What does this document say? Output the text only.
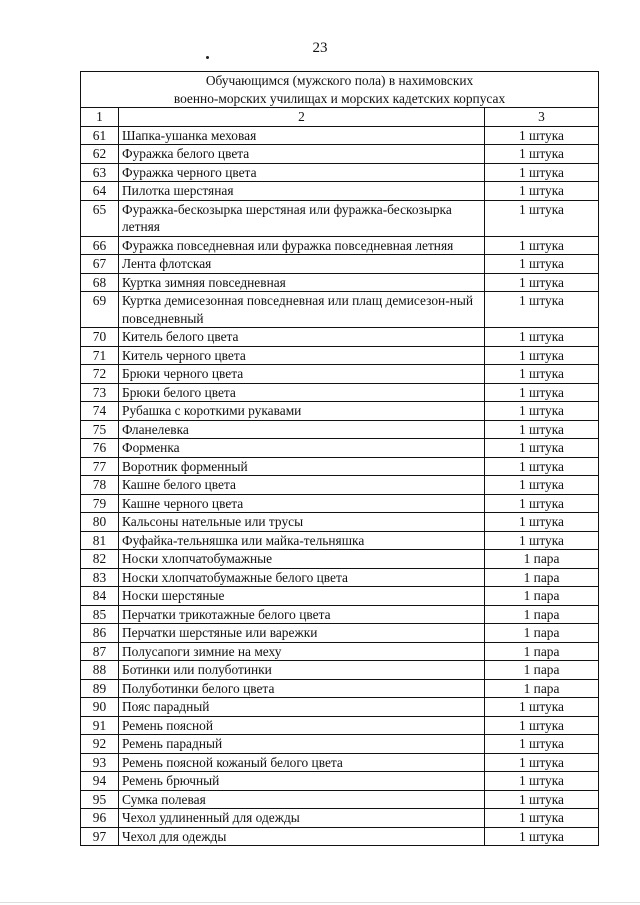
23
Обучающимся (мужского пола) в нахимовских
военно-морских училищах и морских кадетских корпусах		

1	2	3
61	Шапка-ушанка меховая	1 штука
62	Фуражка белого цвета	1 штука
63	Фуражка черного цвета	1 штука
64	Пилотка шерстяная	1 штука
65	Фуражка-бескозырка шерстяная или фуражка-бескозырка летняя	1 штука
66	Фуражка повседневная или фуражка повседневная летняя	1 штука
67	Лента флотская	1 штука
68	Куртка зимняя повседневная	1 штука
69	Куртка демисезонная повседневная или плащ демисезон-ный повседневный	1 штука
70	Китель белого цвета	1 штука
71	Китель черного цвета	1 штука
72	Брюки черного цвета	1 штука
73	Брюки белого цвета	1 штука
74	Рубашка с короткими рукавами	1 штука
75	Фланелевка	1 штука
76	Форменка	1 штука
77	Воротник форменный	1 штука
78	Кашне белого цвета	1 штука
79	Кашне черного цвета	1 штука
80	Кальсоны нательные или трусы	1 штука
81	Фуфайка-тельняшка или майка-тельняшка	1 штука
82	Носки хлопчатобумажные	1 пара
83	Носки хлопчатобумажные белого цвета	1 пара
84	Носки шерстяные	1 пара
85	Перчатки трикотажные белого цвета	1 пара
86	Перчатки шерстяные или варежки	1 пара
87	Полусапоги зимние на меху	1 пара
88	Ботинки или полуботинки	1 пара
89	Полуботинки белого цвета	1 пара
90	Пояс парадный	1 штука
91	Ремень поясной	1 штука
92	Ремень парадный	1 штука
93	Ремень поясной кожаный белого цвета	1 штука
94	Ремень брючный	1 штука
95	Сумка полевая	1 штука
96	Чехол удлиненный для одежды	1 штука
97	Чехол для одежды	1 штука
